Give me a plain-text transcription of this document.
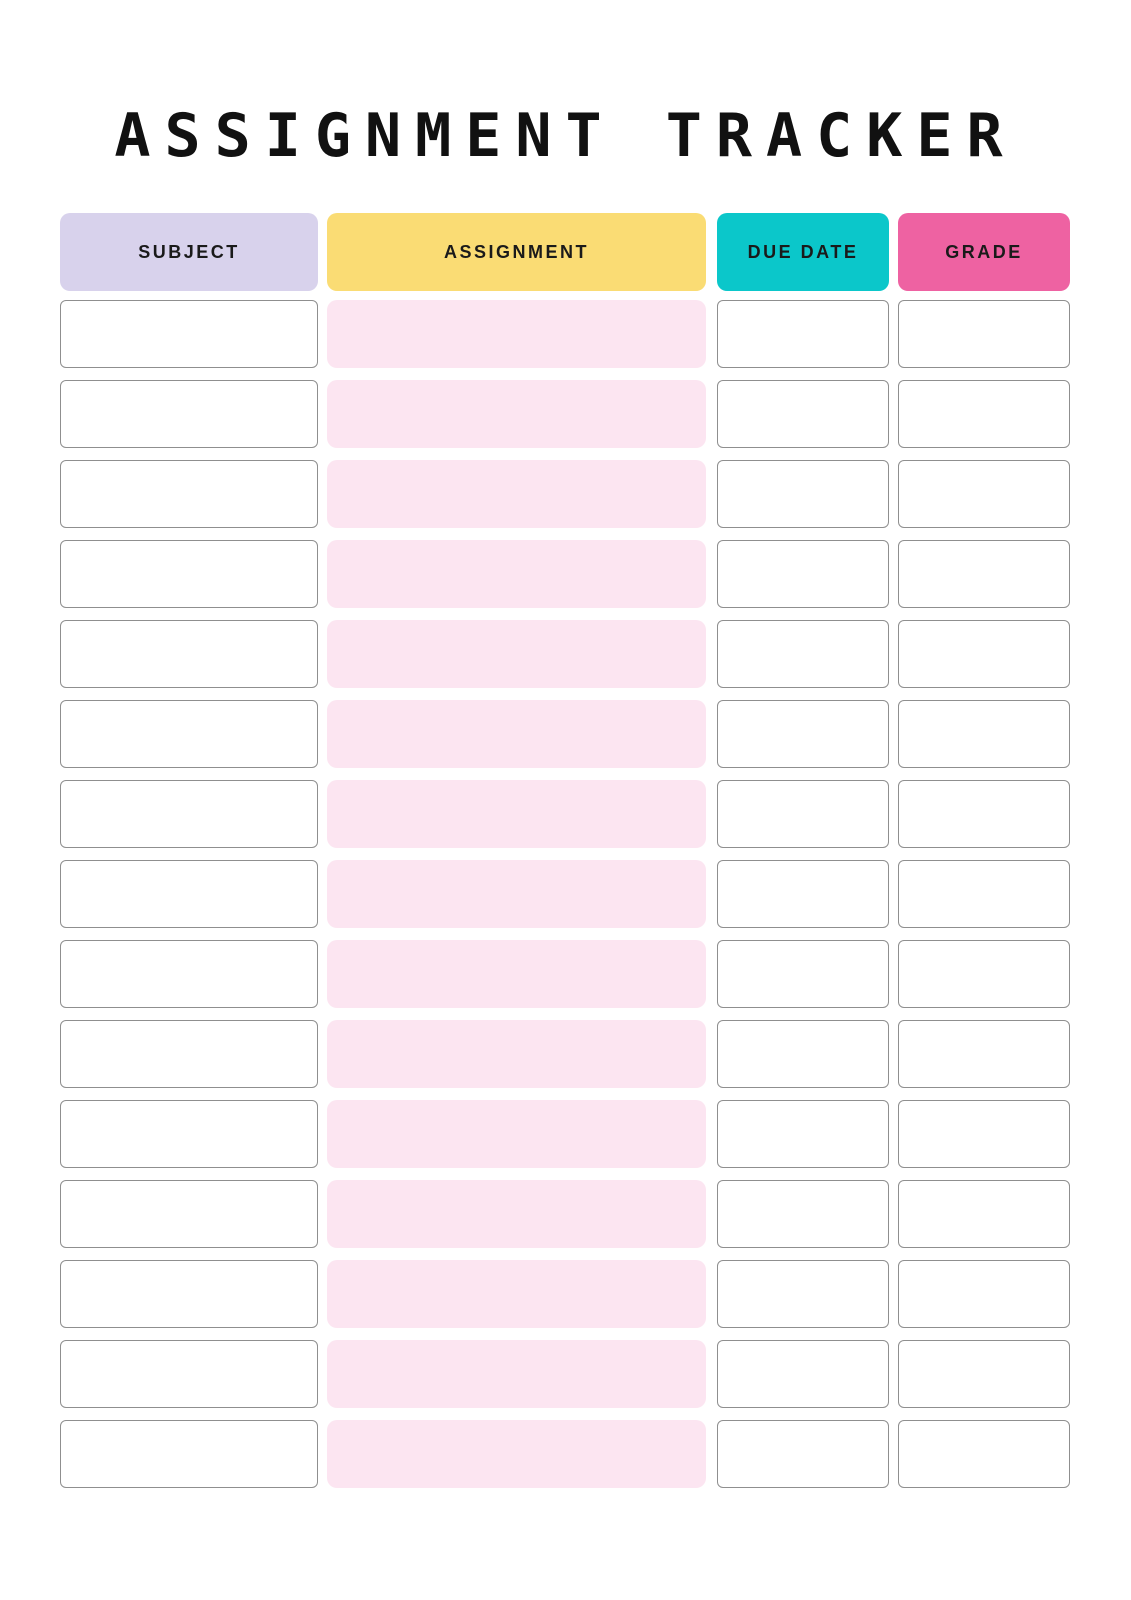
ASSIGNMENT TRACKER
SUBJECT	ASSIGNMENT	DUE DATE	GRADE
